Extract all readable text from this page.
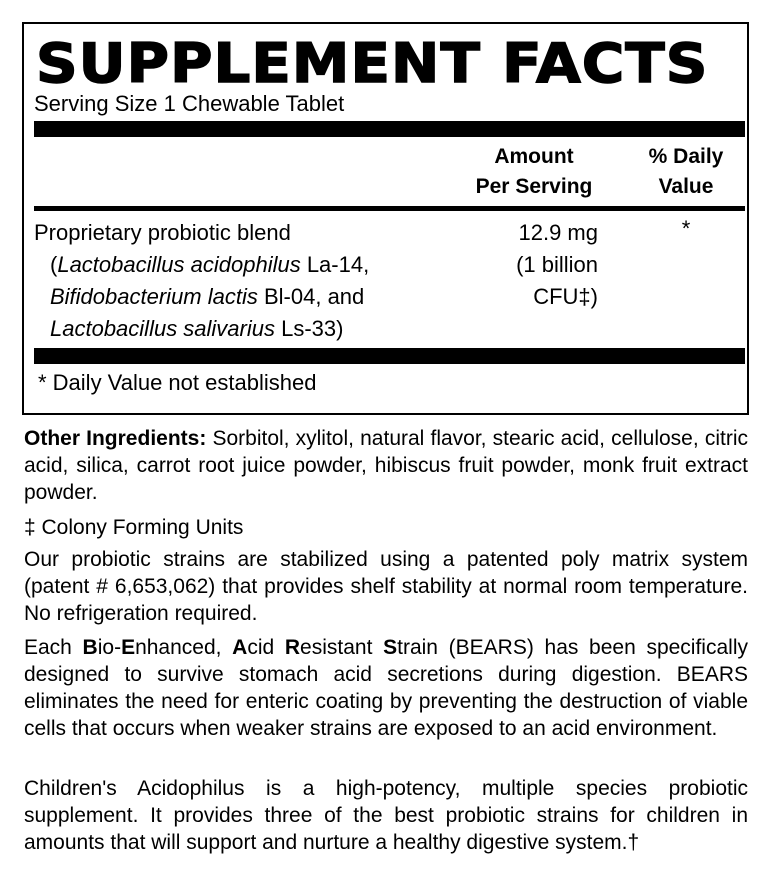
SUPPLEMENT FACTS
Serving Size 1 Chewable Tablet
Amount
Per Serving
% Daily
Value
Proprietary probiotic blend
(Lactobacillus acidophilus La-14,
Bifidobacterium lactis Bl-04, and
Lactobacillus salivarius Ls-33)
12.9 mg
(1 billion
CFU‡)
*
* Daily Value not established

Other Ingredients: Sorbitol, xylitol, natural flavor, stearic acid, cellulose, citric acid, silica, carrot root juice powder, hibiscus fruit powder, monk fruit extract powder.

‡ Colony Forming Units

Our probiotic strains are stabilized using a patented poly matrix system (patent # 6,653,062) that provides shelf stability at normal room temperature. No refrigeration required.

Each Bio-Enhanced, Acid Resistant Strain (BEARS) has been specifically designed to survive stomach acid secretions during digestion. BEARS eliminates the need for enteric coating by preventing the destruction of viable cells that occurs when weaker strains are exposed to an acid environment.

Children's Acidophilus is a high-potency, multiple species probiotic supplement. It provides three of the best probiotic strains for children in amounts that will support and nurture a healthy digestive system.†
